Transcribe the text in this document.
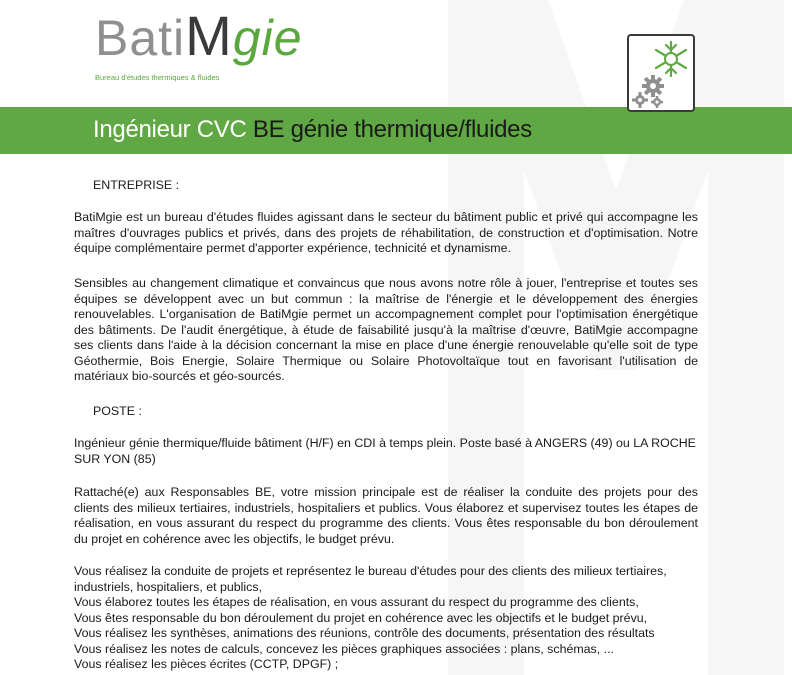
BatiMgie
Bureau d'études thermiques & fluides
Ingénieur CVC BE génie thermique/fluides
ENTREPRISE :
BatiMgie est un bureau d'études fluides agissant dans le secteur du bâtiment public et privé qui accompagne les maîtres d'ouvrages publics et privés, dans des projets de réhabilitation, de construction et d'optimisation. Notre équipe complémentaire permet d'apporter expérience, technicité et dynamisme.
Sensibles au changement climatique et convaincus que nous avons notre rôle à jouer, l'entreprise et toutes ses équipes se développent avec un but commun : la maîtrise de l'énergie et le développement des énergies renouvelables. L'organisation de BatiMgie permet un accompagnement complet pour l'optimisation énergétique des bâtiments. De l'audit énergétique, à étude de faisabilité jusqu'à la maîtrise d'œuvre, BatiMgie accompagne ses clients dans l'aide à la décision concernant la mise en place d'une énergie renouvelable qu'elle soit de type Géothermie, Bois Energie, Solaire Thermique ou Solaire Photovoltaïque tout en favorisant l'utilisation de matériaux bio-sourcés et géo-sourcés.
POSTE :
Ingénieur génie thermique/fluide bâtiment (H/F) en CDI à temps plein. Poste basé à ANGERS (49) ou LA ROCHE SUR YON (85)
Rattaché(e) aux Responsables BE, votre mission principale est de réaliser la conduite des projets pour des clients des milieux tertiaires, industriels, hospitaliers et publics. Vous élaborez et supervisez toutes les étapes de réalisation, en vous assurant du respect du programme des clients. Vous êtes responsable du bon déroulement du projet en cohérence avec les objectifs, le budget prévu.
Vous réalisez la conduite de projets et représentez le bureau d'études pour des clients des milieux tertiaires,
industriels, hospitaliers, et publics,
Vous élaborez toutes les étapes de réalisation, en vous assurant du respect du programme des clients,
Vous êtes responsable du bon déroulement du projet en cohérence avec les objectifs et le budget prévu,
Vous réalisez les synthèses, animations des réunions, contrôle des documents, présentation des résultats
Vous réalisez les notes de calculs, concevez les pièces graphiques associées : plans, schémas, ...
Vous réalisez les pièces écrites (CCTP, DPGF) ;
